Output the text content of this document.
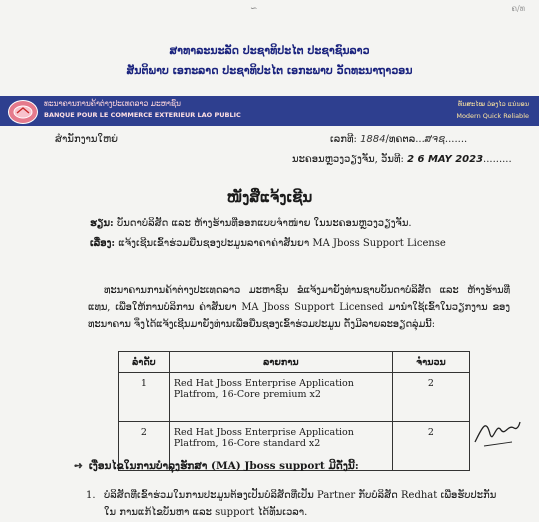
ຄ/ທ
∽
ສາທາລະນະລັດ ປະຊາທິປະໄຕ ປະຊາຊົນລາວ
ສັນຕິພາບ ເອກະລາດ ປະຊາທິປະໄຕ ເອກະພາບ ວັດທະນາຖາວອນ
ທະນາຄານການຄ້າຕ່າງປະເທດລາວ ມະຫາຊົນ
BANQUE POUR LE COMMERCE EXTERIEUR LAO PUBLIC
ທັນສະໄໝ ວ່ອງໄວ ແນ່ນອນ
Modern Quick Reliable
ສຳນັກງານໃຫຍ່	ເລກທີ: 1884/ທຄຕລ...ສຈຊ.......
ນະຄອນຫຼວງວຽງຈັນ, ວັນທີ: 2 6 MAY 2023.........
ໜັງສືແຈ້ງເຊີນ
ຮຽນ: ບັນດາບໍລິສັດ ແລະ ຫ້າງຮ້ານທີ່ອອກແບບຈຳໜ່າຍ ໃນນະຄອນຫຼວງວຽງຈັນ.
ເລື່ອງ: ແຈ້ງເຊີນເຂົ້າຮ່ວມຍື່ນຊອງປະມູນລາຄາຄ່າສັນຍາ MA Jboss Support License

ທະນາຄານການຄ້າຕ່າງປະເທດລາວ ມະຫາຊົນ ຂໍແຈ້ງມາຍັງທ່ານຊາບບັນດາບໍລິສັດ ແລະ ຫ້າງຮ້ານທີ່ ແທນ, ເພື່ອໃຫ້ການບໍລິການ ຄ່າສັນຍາ MA Jboss Support Licensed ມານຳໃຊ້ເຂົ້າໃນວຽກງານ ຂອງ ທະນາຄານ ຈຶ່ງໄດ້ແຈ້ງເຊີນມາຍັງທ່ານເພື່ອຍື່ນຊອງເຂົ້າຮ່ວມປະມູນ ດັ່ງມີລາຍລະອຽດລຸ່ມນີ້:

ລຳດັບ	ລາຍການ	ຈຳນວນ
1	Red Hat Jboss Enterprise Application Platfrom, 16-Core premium x2	2
2	Red Hat Jboss Enterprise Application Platfrom, 16-Core standard x2	2
➺ ເງື່ອນໄຂໃນການບຳລຸງຮັກສາ (MA) Jboss support ມີດັ່ງນີ້:
1. ບໍລິສັດທີ່ເຂົ້າຮ່ວມໃນການປະມູນຕ້ອງເປັນບໍລິສັດທີ່ເປັນ Partner ກັບບໍລິສັດ Redhat ເພື່ອຮັບປະກັນໃນ ການແກ້ໄຂບັນຫາ ແລະ support ໄດ້ທັນເວລາ.
